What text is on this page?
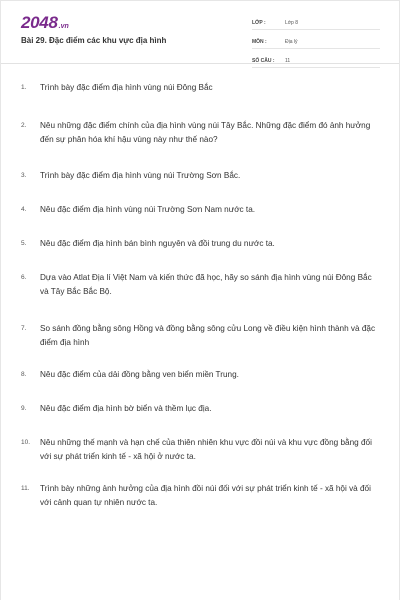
2048.vn
Bài 29. Đặc điểm các khu vực địa hình
LỚP :	Lớp 8
MÔN :	Địa lý
SỐ CÂU :	11
1.	Trình bày đặc điểm địa hình vùng núi Đông Bắc
2.	Nêu những đặc điểm chính của địa hình vùng núi Tây Bắc. Những đặc điểm đó ảnh hưởng đến sự phân hóa khí hậu vùng này như thế nào?
3.	Trình bày đặc điểm địa hình vùng núi Trường Sơn Bắc.
4.	Nêu đặc điểm địa hình vùng núi Trường Sơn Nam nước ta.
5.	Nêu đặc điểm địa hình bán bình nguyên và đồi trung du nước ta.
6.	Dựa vào Atlat Địa lí Việt Nam và kiến thức đã học, hãy so sánh địa hình vùng núi Đông Bắc và Tây Bắc Bắc Bộ.
7.	So sánh đồng bằng sông Hồng và đồng bằng sông cửu Long về điều kiện hình thành và đặc điểm địa hình
8.	Nêu đặc điểm của dải đồng bằng ven biển miền Trung.
9.	Nêu đặc điểm địa hình bờ biển và thềm lục địa.
10.	Nêu những thế mạnh và hạn chế của thiên nhiên khu vực đồi núi và khu vực đồng bằng đối với sự phát triển kinh tế - xã hội ở nước ta.
11.	Trình bày những ảnh hưởng của địa hình đồi núi đối với sự phát triển kinh tế - xã hội và đối với cảnh quan tự nhiên nước ta.
